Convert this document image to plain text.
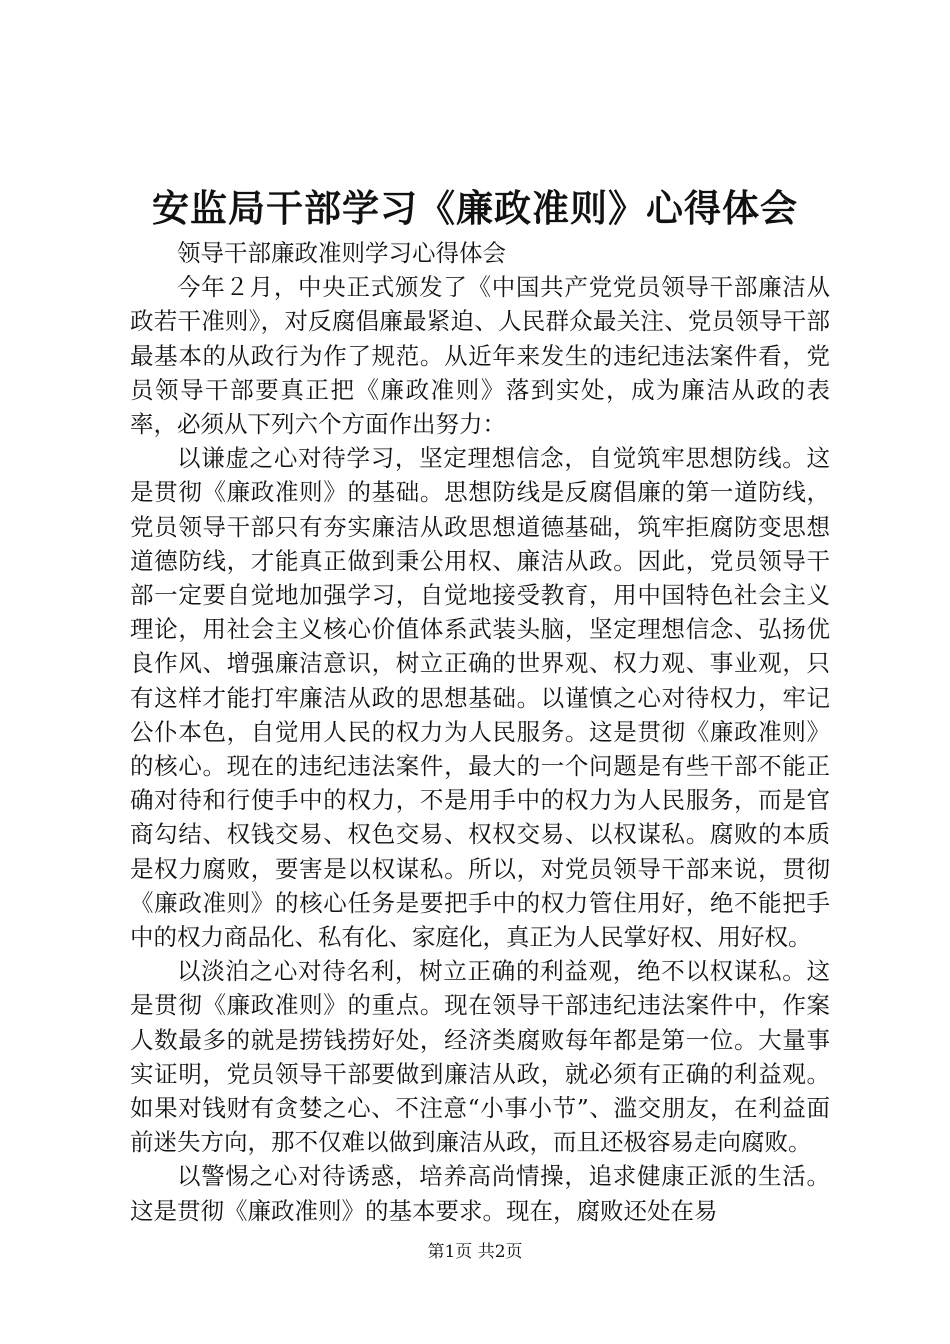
安监局干部学习《廉政准则》心得体会

领导干部廉政准则学习心得体会

今年２月，中央正式颁发了《中国共产党党员领导干部廉洁从政若干准则》，对反腐倡廉最紧迫、人民群众最关注、党员领导干部最基本的从政行为作了规范。从近年来发生的违纪违法案件看，党员领导干部要真正把《廉政准则》落到实处，成为廉洁从政的表率，必须从下列六个方面作出努力：

以谦虚之心对待学习，坚定理想信念，自觉筑牢思想防线。这是贯彻《廉政准则》的基础。思想防线是反腐倡廉的第一道防线，党员领导干部只有夯实廉洁从政思想道德基础，筑牢拒腐防变思想道德防线，才能真正做到秉公用权、廉洁从政。因此，党员领导干部一定要自觉地加强学习，自觉地接受教育，用中国特色社会主义理论，用社会主义核心价值体系武装头脑，坚定理想信念、弘扬优良作风、增强廉洁意识，树立正确的世界观、权力观、事业观，只有这样才能打牢廉洁从政的思想基础。以谨慎之心对待权力，牢记公仆本色，自觉用人民的权力为人民服务。这是贯彻《廉政准则》的核心。现在的违纪违法案件，最大的一个问题是有些干部不能正确对待和行使手中的权力，不是用手中的权力为人民服务，而是官商勾结、权钱交易、权色交易、权权交易、以权谋私。腐败的本质是权力腐败，要害是以权谋私。所以，对党员领导干部来说，贯彻《廉政准则》的核心任务是要把手中的权力管住用好，绝不能把手中的权力商品化、私有化、家庭化，真正为人民掌好权、用好权。

以淡泊之心对待名利，树立正确的利益观，绝不以权谋私。这是贯彻《廉政准则》的重点。现在领导干部违纪违法案件中，作案人数最多的就是捞钱捞好处，经济类腐败每年都是第一位。大量事实证明，党员领导干部要做到廉洁从政，就必须有正确的利益观。如果对钱财有贪婪之心、不注意“小事小节”、滥交朋友，在利益面前迷失方向，那不仅难以做到廉洁从政，而且还极容易走向腐败。

以警惕之心对待诱惑，培养高尚情操，追求健康正派的生活。这是贯彻《廉政准则》的基本要求。现在，腐败还处在易

第1页 共2页
